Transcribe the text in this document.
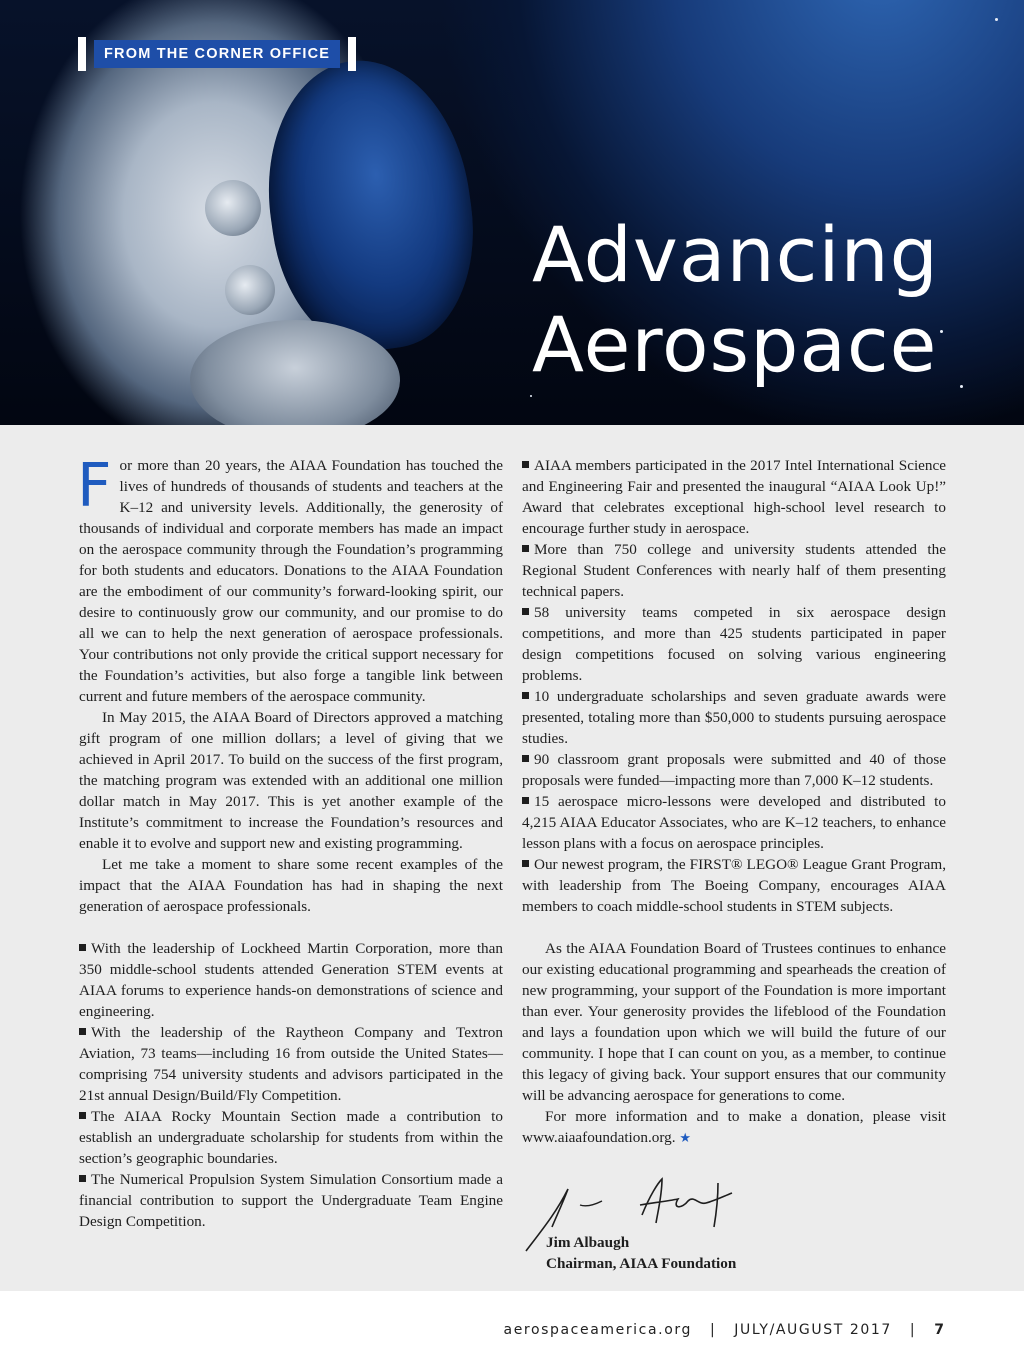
FROM THE CORNER OFFICE
Advancing
Aerospace

For more than 20 years, the AIAA Foundation has touched the lives of hundreds of thousands of students and teachers at the K–12 and university levels. Additionally, the generosity of thousands of individual and corporate members has made an impact on the aerospace community through the Foundation’s programming for both students and educators. Donations to the AIAA Foundation are the embodiment of our community’s forward-looking spirit, our desire to continuously grow our community, and our promise to do all we can to help the next generation of aerospace professionals. Your contributions not only provide the critical support necessary for the Foundation’s activities, but also forge a tangible link between current and future members of the aerospace community.

In May 2015, the AIAA Board of Directors approved a matching gift program of one million dollars; a level of giving that we achieved in April 2017. To build on the success of the first program, the matching program was extended with an additional one million dollar match in May 2017. This is yet another example of the Institute’s commitment to increase the Foundation’s resources and enable it to evolve and support new and existing programming.

Let me take a moment to share some recent examples of the impact that the AIAA Foundation has had in shaping the next generation of aerospace professionals.

With the leadership of Lockheed Martin Corporation, more than 350 middle-school students attended Generation STEM events at AIAA forums to experience hands-on demonstrations of science and engineering.

With the leadership of the Raytheon Company and Textron Aviation, 73 teams—including 16 from outside the United States—comprising 754 university students and advisors participated in the 21st annual Design/Build/Fly Competition.

The AIAA Rocky Mountain Section made a contribution to establish an undergraduate scholarship for students from within the section’s geographic boundaries.

The Numerical Propulsion System Simulation Consortium made a financial contribution to support the Undergraduate Team Engine Design Competition.

AIAA members participated in the 2017 Intel International Science and Engineering Fair and presented the inaugural “AIAA Look Up!” Award that celebrates exceptional high-school level research to encourage further study in aerospace.

More than 750 college and university students attended the Regional Student Conferences with nearly half of them presenting technical papers.

58 university teams competed in six aerospace design competitions, and more than 425 students participated in paper design competitions focused on solving various engineering problems.

10 undergraduate scholarships and seven graduate awards were presented, totaling more than $50,000 to students pursuing aerospace studies.

90 classroom grant proposals were submitted and 40 of those proposals were funded—impacting more than 7,000 K–12 students.

15 aerospace micro-lessons were developed and distributed to 4,215 AIAA Educator Associates, who are K–12 teachers, to enhance lesson plans with a focus on aerospace principles.

Our newest program, the FIRST® LEGO® League Grant Program, with leadership from The Boeing Company, encourages AIAA members to coach middle-school students in STEM subjects.

As the AIAA Foundation Board of Trustees continues to enhance our existing educational programming and spearheads the creation of new programming, your support of the Foundation is more important than ever. Your generosity provides the lifeblood of the Foundation and lays a foundation upon which we will build the future of our community. I hope that I can count on you, as a member, to continue this legacy of giving back. Your support ensures that our community will be advancing aerospace for generations to come.

For more information and to make a donation, please visit www.aiaafoundation.org. ★

Jim Albaugh
Chairman, AIAA Foundation
aerospaceamerica.org | JULY/AUGUST 2017 | 7
